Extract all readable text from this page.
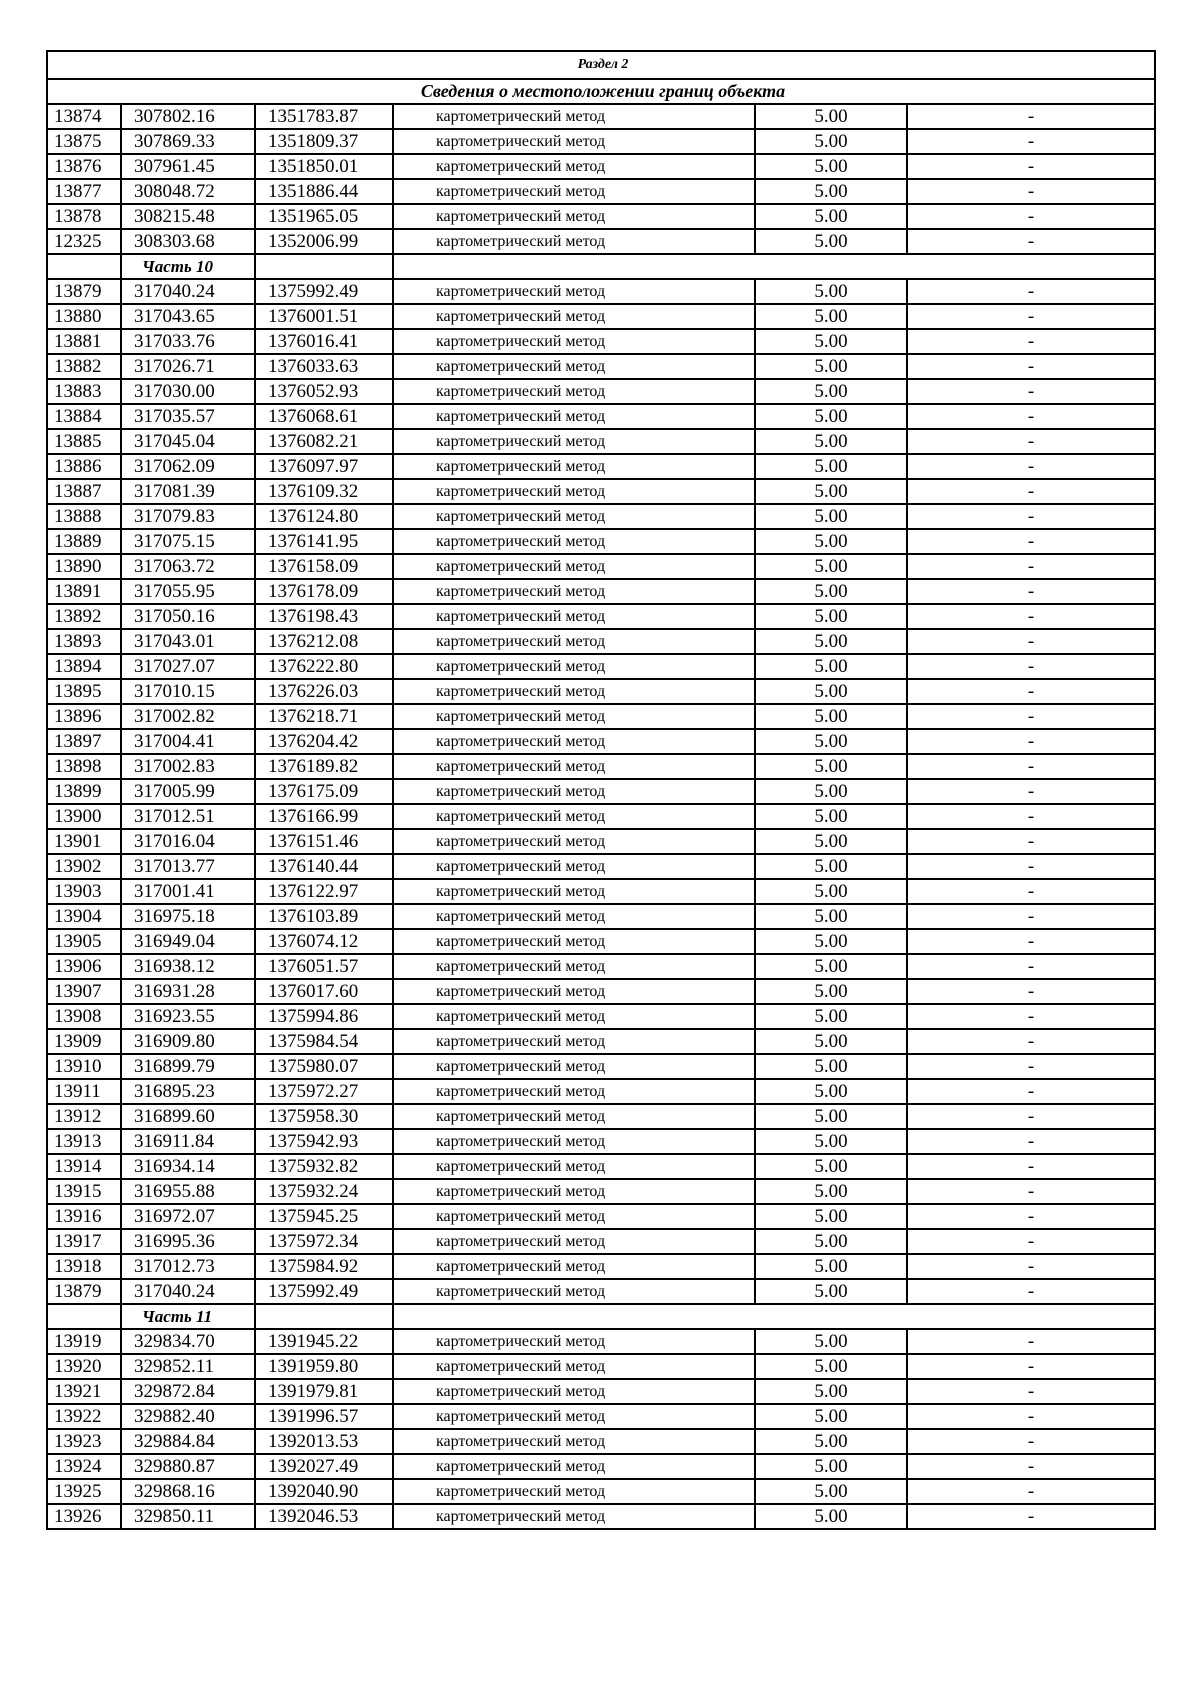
Раздел 2					
Сведения о местоположении границ объекта					
13874	307802.16	1351783.87	картометрический метод	5.00	-
13875	307869.33	1351809.37	картометрический метод	5.00	-
13876	307961.45	1351850.01	картометрический метод	5.00	-
13877	308048.72	1351886.44	картометрический метод	5.00	-
13878	308215.48	1351965.05	картометрический метод	5.00	-
12325	308303.68	1352006.99	картометрический метод	5.00	-
	Часть 10				
13879	317040.24	1375992.49	картометрический метод	5.00	-
13880	317043.65	1376001.51	картометрический метод	5.00	-
13881	317033.76	1376016.41	картометрический метод	5.00	-
13882	317026.71	1376033.63	картометрический метод	5.00	-
13883	317030.00	1376052.93	картометрический метод	5.00	-
13884	317035.57	1376068.61	картометрический метод	5.00	-
13885	317045.04	1376082.21	картометрический метод	5.00	-
13886	317062.09	1376097.97	картометрический метод	5.00	-
13887	317081.39	1376109.32	картометрический метод	5.00	-
13888	317079.83	1376124.80	картометрический метод	5.00	-
13889	317075.15	1376141.95	картометрический метод	5.00	-
13890	317063.72	1376158.09	картометрический метод	5.00	-
13891	317055.95	1376178.09	картометрический метод	5.00	-
13892	317050.16	1376198.43	картометрический метод	5.00	-
13893	317043.01	1376212.08	картометрический метод	5.00	-
13894	317027.07	1376222.80	картометрический метод	5.00	-
13895	317010.15	1376226.03	картометрический метод	5.00	-
13896	317002.82	1376218.71	картометрический метод	5.00	-
13897	317004.41	1376204.42	картометрический метод	5.00	-
13898	317002.83	1376189.82	картометрический метод	5.00	-
13899	317005.99	1376175.09	картометрический метод	5.00	-
13900	317012.51	1376166.99	картометрический метод	5.00	-
13901	317016.04	1376151.46	картометрический метод	5.00	-
13902	317013.77	1376140.44	картометрический метод	5.00	-
13903	317001.41	1376122.97	картометрический метод	5.00	-
13904	316975.18	1376103.89	картометрический метод	5.00	-
13905	316949.04	1376074.12	картометрический метод	5.00	-
13906	316938.12	1376051.57	картометрический метод	5.00	-
13907	316931.28	1376017.60	картометрический метод	5.00	-
13908	316923.55	1375994.86	картометрический метод	5.00	-
13909	316909.80	1375984.54	картометрический метод	5.00	-
13910	316899.79	1375980.07	картометрический метод	5.00	-
13911	316895.23	1375972.27	картометрический метод	5.00	-
13912	316899.60	1375958.30	картометрический метод	5.00	-
13913	316911.84	1375942.93	картометрический метод	5.00	-
13914	316934.14	1375932.82	картометрический метод	5.00	-
13915	316955.88	1375932.24	картометрический метод	5.00	-
13916	316972.07	1375945.25	картометрический метод	5.00	-
13917	316995.36	1375972.34	картометрический метод	5.00	-
13918	317012.73	1375984.92	картометрический метод	5.00	-
13879	317040.24	1375992.49	картометрический метод	5.00	-
	Часть 11				
13919	329834.70	1391945.22	картометрический метод	5.00	-
13920	329852.11	1391959.80	картометрический метод	5.00	-
13921	329872.84	1391979.81	картометрический метод	5.00	-
13922	329882.40	1391996.57	картометрический метод	5.00	-
13923	329884.84	1392013.53	картометрический метод	5.00	-
13924	329880.87	1392027.49	картометрический метод	5.00	-
13925	329868.16	1392040.90	картометрический метод	5.00	-
13926	329850.11	1392046.53	картометрический метод	5.00	-
